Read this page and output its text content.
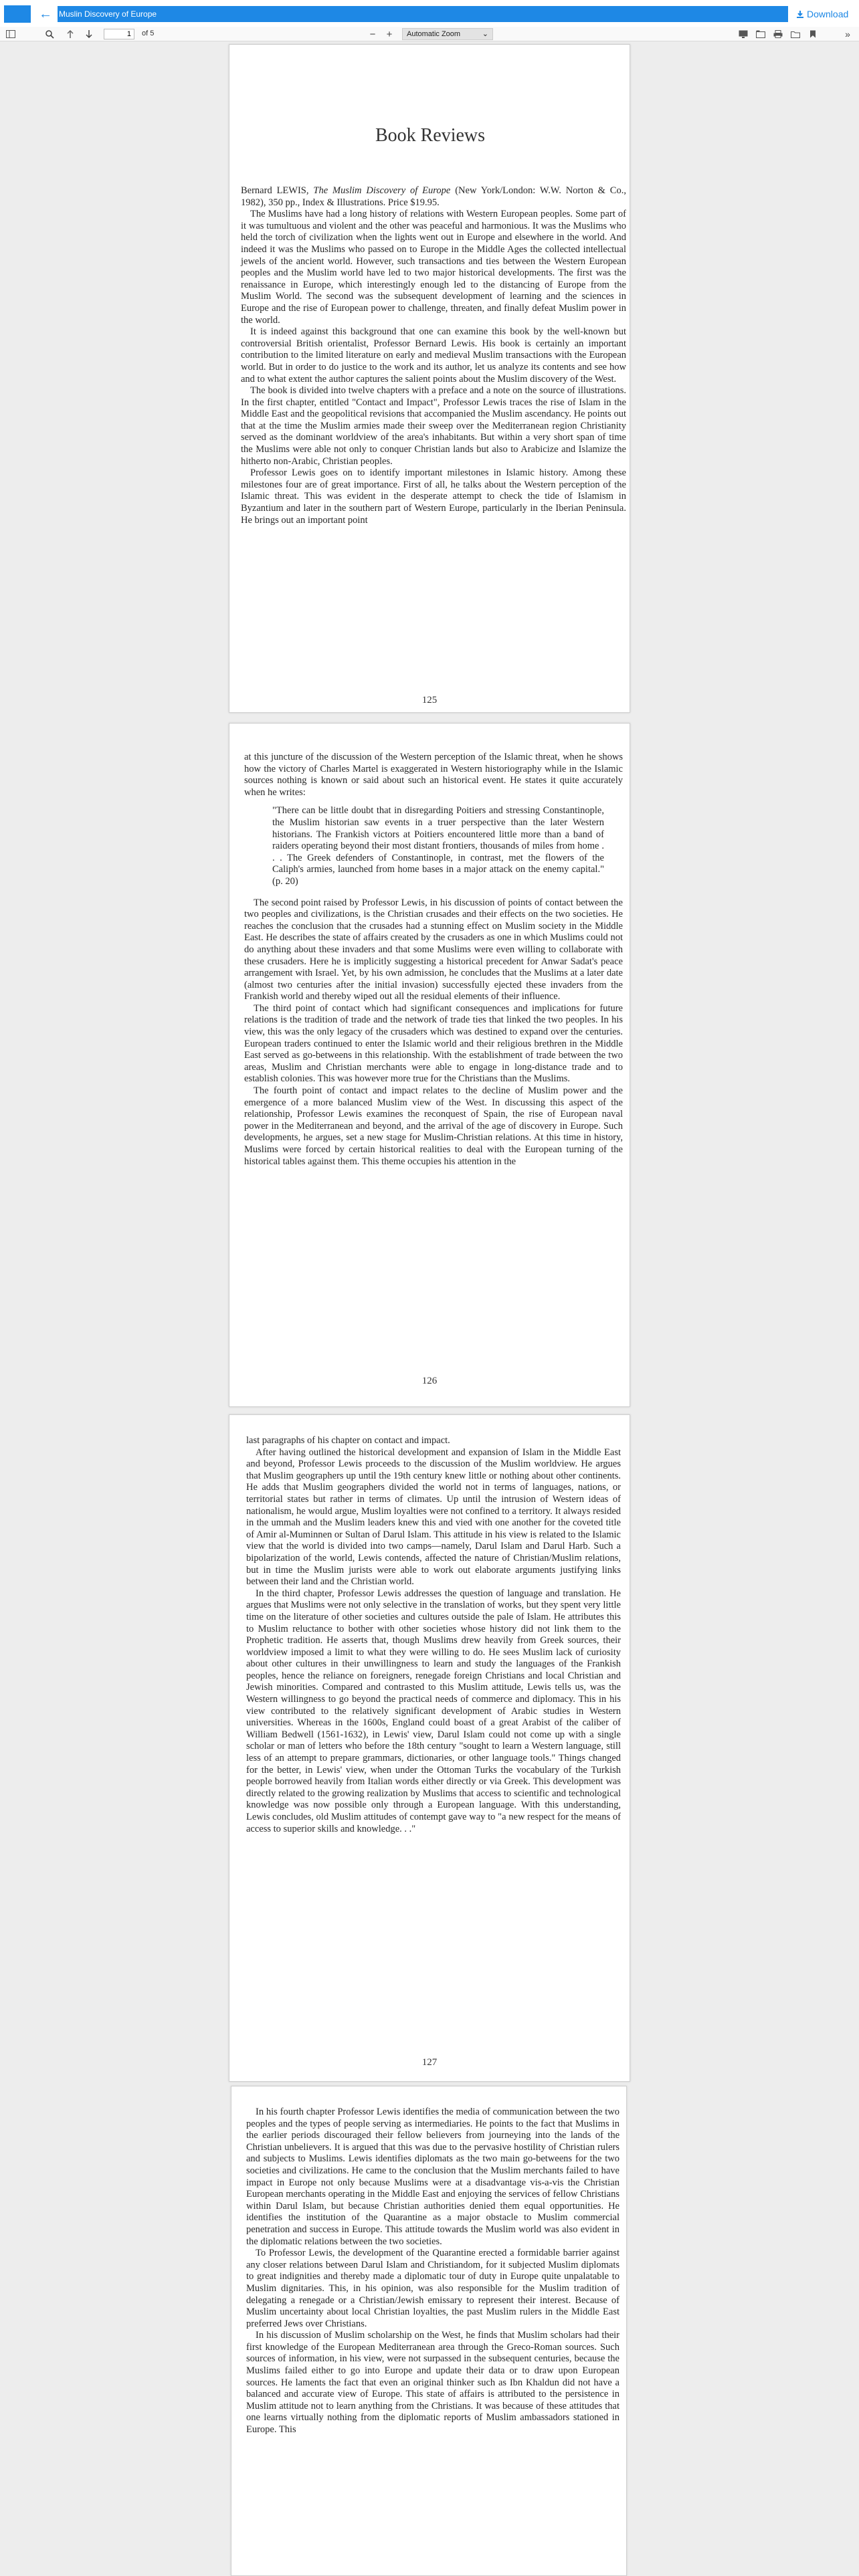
← Muslin Discovery of Europe	Download
1
of 5	− +	Automatic Zoom	⌄	»
Book Reviews

Bernard LEWIS, The Muslim Discovery of Europe (New York/London: W.W. Norton & Co., 1982), 350 pp., Index & Illustrations. Price $19.95.

The Muslims have had a long history of relations with Western European peoples. Some part of it was tumultuous and violent and the other was peaceful and harmonious. It was the Muslims who held the torch of civilization when the lights went out in Europe and elsewhere in the world. And indeed it was the Muslims who passed on to Europe in the Middle Ages the collected intellectual jewels of the ancient world. However, such transactions and ties between the Western European peoples and the Muslim world have led to two major historical developments. The first was the renaissance in Europe, which interestingly enough led to the distancing of Europe from the Muslim World. The second was the subsequent development of learning and the sciences in Europe and the rise of European power to challenge, threaten, and finally defeat Muslim power in the world.

It is indeed against this background that one can examine this book by the well-known but controversial British orientalist, Professor Bernard Lewis. His book is certainly an important contribution to the limited literature on early and medieval Muslim transactions with the European world. But in order to do justice to the work and its author, let us analyze its contents and see how and to what extent the author captures the salient points about the Muslim discovery of the West.

The book is divided into twelve chapters with a preface and a note on the source of illustrations. In the first chapter, entitled "Contact and Impact", Professor Lewis traces the rise of Islam in the Middle East and the geopolitical revisions that accompanied the Muslim ascendancy. He points out that at the time the Muslim armies made their sweep over the Mediterranean region Christianity served as the dominant worldview of the area's inhabitants. But within a very short span of time the Muslims were able not only to conquer Christian lands but also to Arabicize and Islamize the hitherto non-Arabic, Christian peoples.

Professor Lewis goes on to identify important milestones in Islamic history. Among these milestones four are of great importance. First of all, he talks about the Western perception of the Islamic threat. This was evident in the desperate attempt to check the tide of Islamism in Byzantium and later in the southern part of Western Europe, particularly in the Iberian Peninsula. He brings out an important point

125

at this juncture of the discussion of the Western perception of the Islamic threat, when he shows how the victory of Charles Martel is exaggerated in Western historiography while in the Islamic sources nothing is known or said about such an historical event. He states it quite accurately when he writes:

"There can be little doubt that in disregarding Poitiers and stressing Constantinople, the Muslim historian saw events in a truer perspective than the later Western historians. The Frankish victors at Poitiers encountered little more than a band of raiders operating beyond their most distant frontiers, thousands of miles from home . . . The Greek defenders of Constantinople, in contrast, met the flowers of the Caliph's armies, launched from home bases in a major attack on the enemy capital." (p. 20)

The second point raised by Professor Lewis, in his discussion of points of contact between the two peoples and civilizations, is the Christian crusades and their effects on the two societies. He reaches the conclusion that the crusades had a stunning effect on Muslim society in the Middle East. He describes the state of affairs created by the crusaders as one in which Muslims could not do anything about these invaders and that some Muslims were even willing to collaborate with these crusaders. Here he is implicitly suggesting a historical precedent for Anwar Sadat's peace arrangement with Israel. Yet, by his own admission, he concludes that the Muslims at a later date (almost two centuries after the initial invasion) successfully ejected these invaders from the Frankish world and thereby wiped out all the residual elements of their influence.

The third point of contact which had significant consequences and implications for future relations is the tradition of trade and the network of trade ties that linked the two peoples. In his view, this was the only legacy of the crusaders which was destined to expand over the centuries. European traders continued to enter the Islamic world and their religious brethren in the Middle East served as go-betweens in this relationship. With the establishment of trade between the two areas, Muslim and Christian merchants were able to engage in long-distance trade and to establish colonies. This was however more true for the Christians than the Muslims.

The fourth point of contact and impact relates to the decline of Muslim power and the emergence of a more balanced Muslim view of the West. In discussing this aspect of the relationship, Professor Lewis examines the reconquest of Spain, the rise of European naval power in the Mediterranean and beyond, and the arrival of the age of discovery in Europe. Such developments, he argues, set a new stage for Muslim-Christian relations. At this time in history, Muslims were forced by certain historical realities to deal with the European turning of the historical tables against them. This theme occupies his attention in the

126

last paragraphs of his chapter on contact and impact.

After having outlined the historical development and expansion of Islam in the Middle East and beyond, Professor Lewis proceeds to the discussion of the Muslim worldview. He argues that Muslim geographers up until the 19th century knew little or nothing about other continents. He adds that Muslim geographers divided the world not in terms of languages, nations, or territorial states but rather in terms of climates. Up until the intrusion of Western ideas of nationalism, he would argue, Muslim loyalties were not confined to a territory. It always resided in the ummah and the Muslim leaders knew this and vied with one another for the coveted title of Amir al-Muminnen or Sultan of Darul Islam. This attitude in his view is related to the Islamic view that the world is divided into two camps—namely, Darul Islam and Darul Harb. Such a bipolarization of the world, Lewis contends, affected the nature of Christian/Muslim relations, but in time the Muslim jurists were able to work out elaborate arguments justifying links between their land and the Christian world.

In the third chapter, Professor Lewis addresses the question of language and translation. He argues that Muslims were not only selective in the translation of works, but they spent very little time on the literature of other societies and cultures outside the pale of Islam. He attributes this to Muslim reluctance to bother with other societies whose history did not link them to the Prophetic tradition. He asserts that, though Muslims drew heavily from Greek sources, their worldview imposed a limit to what they were willing to do. He sees Muslim lack of curiosity about other cultures in their unwillingness to learn and study the languages of the Frankish peoples, hence the reliance on foreigners, renegade foreign Christians and local Christian and Jewish minorities. Compared and contrasted to this Muslim attitude, Lewis tells us, was the Western willingness to go beyond the practical needs of commerce and diplomacy. This in his view contributed to the relatively significant development of Arabic studies in Western universities. Whereas in the 1600s, England could boast of a great Arabist of the caliber of William Bedwell (1561-1632), in Lewis' view, Darul Islam could not come up with a single scholar or man of letters who before the 18th century "sought to learn a Western language, still less of an attempt to prepare grammars, dictionaries, or other language tools." Things changed for the better, in Lewis' view, when under the Ottoman Turks the vocabulary of the Turkish people borrowed heavily from Italian words either directly or via Greek. This development was directly related to the growing realization by Muslims that access to scientific and technological knowledge was now possible only through a European language. With this understanding, Lewis concludes, old Muslim attitudes of contempt gave way to "a new respect for the means of access to superior skills and knowledge. . ."

127

In his fourth chapter Professor Lewis identifies the media of communication between the two peoples and the types of people serving as intermediaries. He points to the fact that Muslims in the earlier periods discouraged their fellow believers from journeying into the lands of the Christian unbelievers. It is argued that this was due to the pervasive hostility of Christian rulers and subjects to Muslims. Lewis identifies diplomats as the two main go-betweens for the two societies and civilizations. He came to the conclusion that the Muslim merchants failed to have impact in Europe not only because Muslims were at a disadvantage vis-a-vis the Christian European merchants operating in the Middle East and enjoying the services of fellow Christians within Darul Islam, but because Christian authorities denied them equal opportunities. He identifies the institution of the Quarantine as a major obstacle to Muslim commercial penetration and success in Europe. This attitude towards the Muslim world was also evident in the diplomatic relations between the two societies.

To Professor Lewis, the development of the Quarantine erected a formidable barrier against any closer relations between Darul Islam and Christiandom, for it subjected Muslim diplomats to great indignities and thereby made a diplomatic tour of duty in Europe quite unpalatable to Muslim dignitaries. This, in his opinion, was also responsible for the Muslim tradition of delegating a renegade or a Christian/Jewish emissary to represent their interest. Because of Muslim uncertainty about local Christian loyalties, the past Muslim rulers in the Middle East preferred Jews over Christians.

In his discussion of Muslim scholarship on the West, he finds that Muslim scholars had their first knowledge of the European Mediterranean area through the Greco-Roman sources. Such sources of information, in his view, were not surpassed in the subsequent centuries, because the Muslims failed either to go into Europe and update their data or to draw upon European sources. He laments the fact that even an original thinker such as Ibn Khaldun did not have a balanced and accurate view of Europe. This state of affairs is attributed to the persistence in Muslim attitude not to learn anything from the Christians. It was because of these attitudes that one learns virtually nothing from the diplomatic reports of Muslim ambassadors stationed in Europe. This
